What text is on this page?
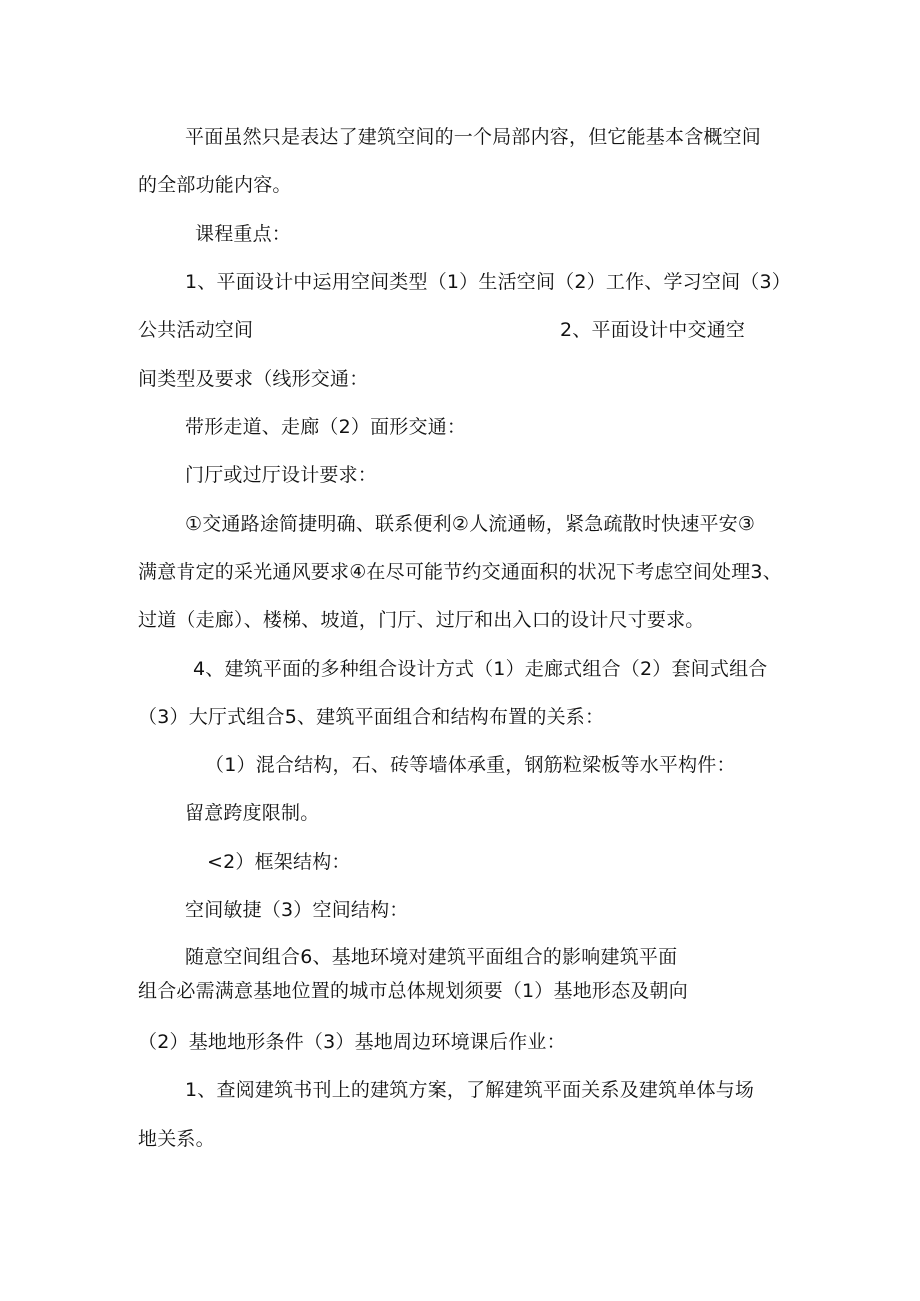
平面虽然只是表达了建筑空间的一个局部内容，但它能基本含概空间
的全部功能内容。
课程重点：
1、平面设计中运用空间类型（1）生活空间（2）工作、学习空间（3）
公共活动空间	2、平面设计中交通空
间类型及要求（线形交通：
带形走道、走廊（2）面形交通：
门厅或过厅设计要求：
①交通路途简捷明确、联系便利②人流通畅，紧急疏散时快速平安③
满意肯定的采光通风要求④在尽可能节约交通面积的状况下考虑空间处理3、
过道（走廊）、楼梯、坡道，门厅、过厅和出入口的设计尺寸要求。
4、建筑平面的多种组合设计方式（1）走廊式组合（2）套间式组合
（3）大厅式组合5、建筑平面组合和结构布置的关系：
（1）混合结构，石、砖等墙体承重，钢筋粒梁板等水平构件：
留意跨度限制。
<2）框架结构：
空间敏捷（3）空间结构：
随意空间组合6、基地环境对建筑平面组合的影响建筑平面
组合必需满意基地位置的城市总体规划须要（1）基地形态及朝向
（2）基地地形条件（3）基地周边环境课后作业：
1、查阅建筑书刊上的建筑方案，了解建筑平面关系及建筑单体与场
地关系。
